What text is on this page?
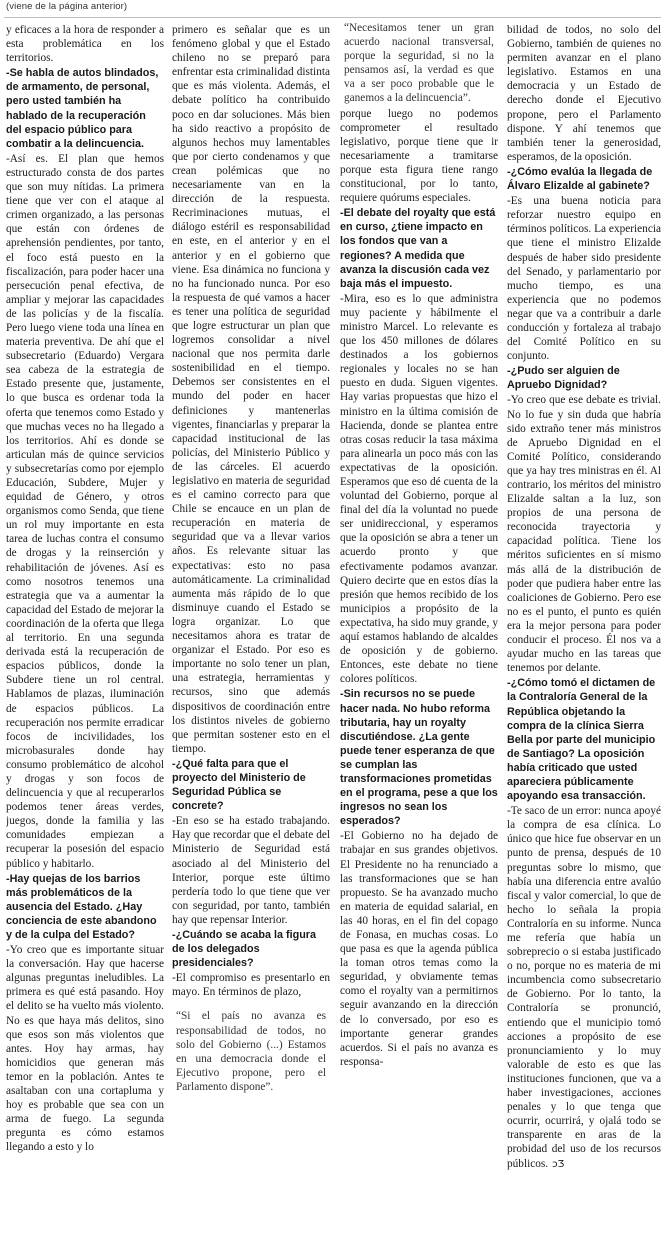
(viene de la página anterior)

y eficaces a la hora de responder a esta problemática en los territorios.

-Se habla de autos blindados, de armamento, de personal, pero usted también ha hablado de la recuperación del espacio público para combatir a la delincuencia.

-Así es. El plan que hemos estructurado consta de dos partes que son muy nítidas. La primera tiene que ver con el ataque al crimen organizado, a las personas que están con órdenes de aprehensión pendientes, por tanto, el foco está puesto en la fiscalización, para poder hacer una persecución penal efectiva, de ampliar y mejorar las capacidades de las policías y de la fiscalía. Pero luego viene toda una línea en materia preventiva. De ahí que el subsecretario (Eduardo) Vergara sea cabeza de la estrategia de Estado presente que, justamente, lo que busca es ordenar toda la oferta que tenemos como Estado y que muchas veces no ha llegado a los territorios. Ahí es donde se articulan más de quince servicios y subsecretarías como por ejemplo Educación, Subdere, Mujer y equidad de Género, y otros organismos como Senda, que tiene un rol muy importante en esta tarea de luchas contra el consumo de drogas y la reinserción y rehabilitación de jóvenes. Así es como nosotros tenemos una estrategia que va a aumentar la capacidad del Estado de mejorar la coordinación de la oferta que llega al territorio. En una segunda derivada está la recuperación de espacios públicos, donde la Subdere tiene un rol central. Hablamos de plazas, iluminación de espacios públicos. La recuperación nos permite erradicar focos de incivilidades, los microbasurales donde hay consumo problemático de alcohol y drogas y son focos de delincuencia y que al recuperarlos podemos tener áreas verdes, juegos, donde la familia y las comunidades empiezan a recuperar la posesión del espacio público y habitarlo.

-Hay quejas de los barrios más problemáticos de la ausencia del Estado. ¿Hay conciencia de este abandono y de la culpa del Estado?

-Yo creo que es importante situar la conversación. Hay que hacerse algunas preguntas ineludibles. La primera es qué está pasando. Hoy el delito se ha vuelto más violento. No es que haya más delitos, sino que esos son más violentos que antes. Hoy hay armas, hay homicidios que generan más temor en la población. Antes te asaltaban con una cortapluma y hoy es probable que sea con un arma de fuego. La segunda pregunta es cómo estamos llegando a esto y lo

primero es señalar que es un fenómeno global y que el Estado chileno no se preparó para enfrentar esta criminalidad distinta que es más violenta. Además, el debate político ha contribuido poco en dar soluciones. Más bien ha sido reactivo a propósito de algunos hechos muy lamentables que por cierto condenamos y que crean polémicas que no necesariamente van en la dirección de la respuesta. Recriminaciones mutuas, el diálogo estéril es responsabilidad en este, en el anterior y en el anterior y en el gobierno que viene. Esa dinámica no funciona y no ha funcionado nunca. Por eso la respuesta de qué vamos a hacer es tener una política de seguridad que logre estructurar un plan que logremos consolidar a nivel nacional que nos permita darle sostenibilidad en el tiempo. Debemos ser consistentes en el mundo del poder en hacer definiciones y mantenerlas vigentes, financiarlas y preparar la capacidad institucional de las policías, del Ministerio Público y de las cárceles. El acuerdo legislativo en materia de seguridad es el camino correcto para que Chile se encauce en un plan de recuperación en materia de seguridad que va a llevar varios años. Es relevante situar las expectativas: esto no pasa automáticamente. La criminalidad aumenta más rápido de lo que disminuye cuando el Estado se logra organizar. Lo que necesitamos ahora es tratar de organizar el Estado. Por eso es importante no solo tener un plan, una estrategia, herramientas y recursos, sino que además dispositivos de coordinación entre los distintos niveles de gobierno que permitan sostener esto en el tiempo.

-¿Qué falta para que el proyecto del Ministerio de Seguridad Pública se concrete?

-En eso se ha estado trabajando. Hay que recordar que el debate del Ministerio de Seguridad está asociado al del Ministerio del Interior, porque este último perdería todo lo que tiene que ver con seguridad, por tanto, también hay que repensar Interior.

-¿Cuándo se acaba la figura de los delegados presidenciales?

-El compromiso es presentarlo en mayo. En términos de plazo,

“Si el país no avanza es responsabilidad de todos, no solo del Gobierno (...) Estamos en una democracia donde el Ejecutivo propone, pero el Parlamento dispone”.

“Necesitamos tener un gran acuerdo nacional transversal, porque la seguridad, si no la pensamos así, la verdad es que va a ser poco probable que le ganemos a la delincuencia”.

porque luego no podemos comprometer el resultado legislativo, porque tiene que ir necesariamente a tramitarse porque esta figura tiene rango constitucional, por lo tanto, requiere quórums especiales.

-El debate del royalty que está en curso, ¿tiene impacto en los fondos que van a regiones? A medida que avanza la discusión cada vez baja más el impuesto.

-Mira, eso es lo que administra muy paciente y hábilmente el ministro Marcel. Lo relevante es que los 450 millones de dólares destinados a los gobiernos regionales y locales no se han puesto en duda. Siguen vigentes. Hay varias propuestas que hizo el ministro en la última comisión de Hacienda, donde se plantea entre otras cosas reducir la tasa máxima para alinearla un poco más con las expectativas de la oposición. Esperamos que eso dé cuenta de la voluntad del Gobierno, porque al final del día la voluntad no puede ser unidireccional, y esperamos que la oposición se abra a tener un acuerdo pronto y que efectivamente podamos avanzar. Quiero decirte que en estos días la presión que hemos recibido de los municipios a propósito de la expectativa, ha sido muy grande, y aquí estamos hablando de alcaldes de oposición y de gobierno. Entonces, este debate no tiene colores políticos.

-Sin recursos no se puede hacer nada. No hubo reforma tributaria, hay un royalty discutiéndose. ¿La gente puede tener esperanza de que se cumplan las transformaciones prometidas en el programa, pese a que los ingresos no sean los esperados?

-El Gobierno no ha dejado de trabajar en sus grandes objetivos. El Presidente no ha renunciado a las transformaciones que se han propuesto. Se ha avanzado mucho en materia de equidad salarial, en las 40 horas, en el fin del copago de Fonasa, en muchas cosas. Lo que pasa es que la agenda pública la toman otros temas como la seguridad, y obviamente temas como el royalty van a permitirnos seguir avanzando en la dirección de lo conversado, por eso es importante generar grandes acuerdos. Si el país no avanza es responsa-

bilidad de todos, no solo del Gobierno, también de quienes no permiten avanzar en el plano legislativo. Estamos en una democracia y un Estado de derecho donde el Ejecutivo propone, pero el Parlamento dispone. Y ahí tenemos que también tener la generosidad, esperamos, de la oposición.

-¿Cómo evalúa la llegada de Álvaro Elizalde al gabinete?

-Es una buena noticia para reforzar nuestro equipo en términos políticos. La experiencia que tiene el ministro Elizalde después de haber sido presidente del Senado, y parlamentario por mucho tiempo, es una experiencia que no podemos negar que va a contribuir a darle conducción y fortaleza al trabajo del Comité Político en su conjunto.

-¿Pudo ser alguien de Apruebo Dignidad?

-Yo creo que ese debate es trivial. No lo fue y sin duda que habría sido extraño tener más ministros de Apruebo Dignidad en el Comité Político, considerando que ya hay tres ministras en él. Al contrario, los méritos del ministro Elizalde saltan a la luz, son propios de una persona de reconocida trayectoria y capacidad política. Tiene los méritos suficientes en sí mismo más allá de la distribución de poder que pudiera haber entre las coaliciones de Gobierno. Pero ese no es el punto, el punto es quién era la mejor persona para poder conducir el proceso. Él nos va a ayudar mucho en las tareas que tenemos por delante.

-¿Cómo tomó el dictamen de la Contraloría General de la República objetando la compra de la clínica Sierra Bella por parte del municipio de Santiago? La oposición había criticado que usted apareciera públicamente apoyando esa transacción.

-Te saco de un error: nunca apoyé la compra de esa clínica. Lo único que hice fue observar en un punto de prensa, después de 10 preguntas sobre lo mismo, que había una diferencia entre avalúo fiscal y valor comercial, lo que de hecho lo señala la propia Contraloría en su informe. Nunca me refería que había un sobreprecio o si estaba justificado o no, porque no es materia de mi incumbencia como subsecretario de Gobierno. Por lo tanto, la Contraloría se pronunció, entiendo que el municipio tomó acciones a propósito de ese pronunciamiento y lo muy valorable de esto es que las instituciones funcionen, que va a haber investigaciones, acciones penales y lo que tenga que ocurrir, ocurrirá, y ojalá todo se transparente en aras de la probidad del uso de los recursos públicos. ↄƷ
